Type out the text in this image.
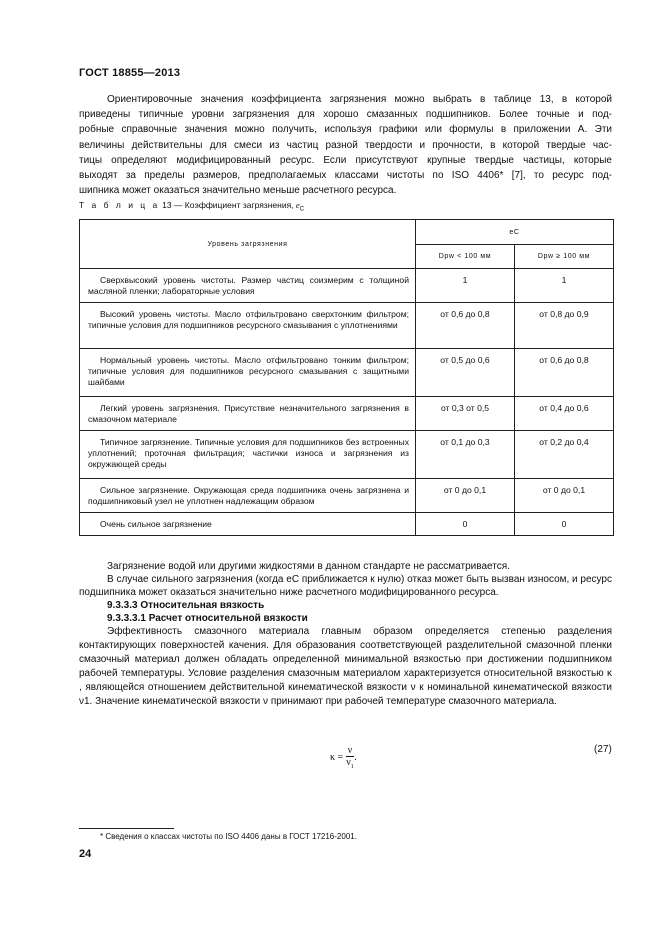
ГОСТ 18855—2013
Ориентировочные значения коэффициента загрязнения можно выбрать в таблице 13, в которой
приведены типичные уровни загрязнения для хорошо смазанных подшипников. Более точные и под-
робные справочные значения можно получить, используя графики или формулы в приложении А. Эти
величины действительны для смеси из частиц разной твердости и прочности, в которой твердые час-
тицы определяют модифицированный ресурс. Если присутствуют крупные твердые частицы, которые
выходят за пределы размеров, предполагаемых классами чистоты по ISO 4406* [7], то ресурс под-
шипника может оказаться значительно меньше расчетного ресурса.
Т а б л и ц а 13 — Коэффициент загрязнения, $e_C$
Уровень загрязнения	eC	
	Dpw < 100 мм	Dpw ≥ 100 мм
Сверхвысокий уровень чистоты. Размер частиц соизмерим с толщиной масляной пленки; лабораторные условия	1	1
Высокий уровень чистоты. Масло отфильтровано сверхтонким фильтром; типичные условия для подшипников ресурсного смазывания с уплотнениями	от 0,6 до 0,8	от 0,8 до 0,9
Нормальный уровень чистоты. Масло отфильтровано тонким фильтром; типичные условия для подшипников ресурсного смазывания с защитными шайбами	от 0,5 до 0,6	от 0,6 до 0,8
Легкий уровень загрязнения. Присутствие незначительного загрязнения в смазочном материале	от 0,3 от 0,5	от 0,4 до 0,6
Типичное загрязнение. Типичные условия для подшипников без встроенных уплотнений; проточная фильтрация; частички износа и загрязнения из окружающей среды	от 0,1 до 0,3	от 0,2 до 0,4
Сильное загрязнение. Окружающая среда подшипника очень загрязнена и подшипниковый узел не уплотнен надлежащим образом	от 0 до 0,1	от 0 до 0,1
Очень сильное загрязнение	0	0

Загрязнение водой или другими жидкостями в данном стандарте не рассматривается.

В случае сильного загрязнения (когда eC приближается к нулю) отказ может быть вызван износом, и ресурс подшипника может оказаться значительно ниже расчетного модифицированного ресурса.

9.3.3.3 Относительная вязкость

9.3.3.3.1 Расчет относительной вязкости

Эффективность смазочного материала главным образом определяется степенью разделения контактирующих поверхностей качения. Для образования соответствующей разделительной смазочной пленки смазочный материал должен обладать определенной минимальной вязкостью при достижении подшипником рабочей температуры. Условие разделения смазочным материалом характеризуется относительной вязкостью κ , являющейся отношением действительной кинематической вязкости ν к номинальной кинематической вязкости ν1. Значение кинематической вязкости ν принимают при рабочей температуре смазочного материала.

$\kappa = \frac{\nu}{\nu_1}$ .
(27)
* Сведения о классах чистоты по ISO 4406 даны в ГОСТ 17216-2001.
24
